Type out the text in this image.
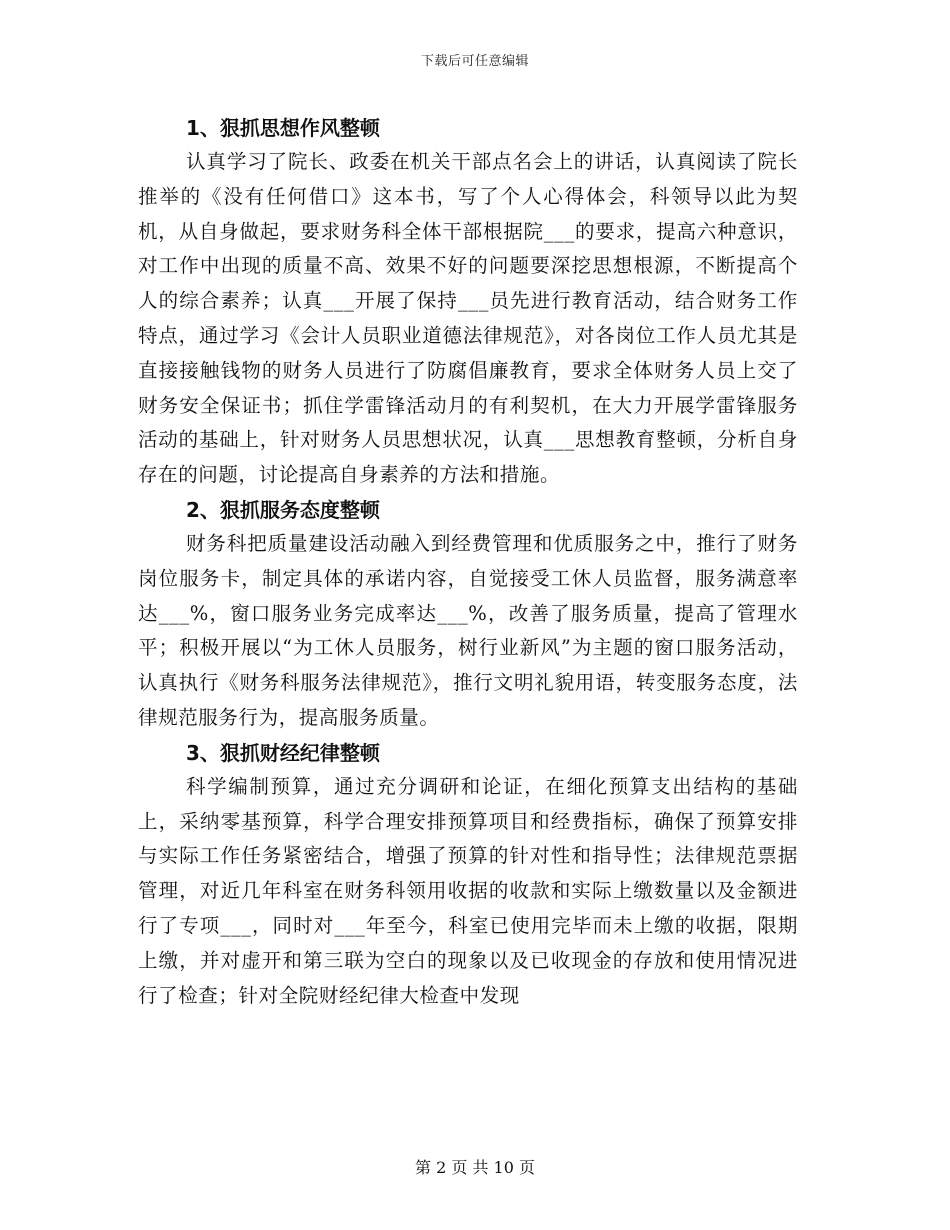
下载后可任意编辑

1、狠抓思想作风整顿

认真学习了院长、政委在机关干部点名会上的讲话，认真阅读了院长推举的《没有任何借口》这本书，写了个人心得体会，科领导以此为契机，从自身做起，要求财务科全体干部根据院___的要求，提高六种意识，对工作中出现的质量不高、效果不好的问题要深挖思想根源，不断提高个人的综合素养；认真___开展了保持___员先进行教育活动，结合财务工作特点，通过学习《会计人员职业道德法律规范》，对各岗位工作人员尤其是直接接触钱物的财务人员进行了防腐倡廉教育，要求全体财务人员上交了财务安全保证书；抓住学雷锋活动月的有利契机，在大力开展学雷锋服务活动的基础上，针对财务人员思想状况，认真___思想教育整顿，分析自身存在的问题，讨论提高自身素养的方法和措施。

2、狠抓服务态度整顿

财务科把质量建设活动融入到经费管理和优质服务之中，推行了财务岗位服务卡，制定具体的承诺内容，自觉接受工休人员监督，服务满意率达___%，窗口服务业务完成率达___%，改善了服务质量，提高了管理水平；积极开展以“为工休人员服务，树行业新风”为主题的窗口服务活动，认真执行《财务科服务法律规范》，推行文明礼貌用语，转变服务态度，法律规范服务行为，提高服务质量。

3、狠抓财经纪律整顿

科学编制预算，通过充分调研和论证，在细化预算支出结构的基础上，采纳零基预算，科学合理安排预算项目和经费指标，确保了预算安排与实际工作任务紧密结合，增强了预算的针对性和指导性；法律规范票据管理，对近几年科室在财务科领用收据的收款和实际上缴数量以及金额进行了专项___，同时对___年至今，科室已使用完毕而未上缴的收据，限期上缴，并对虚开和第三联为空白的现象以及已收现金的存放和使用情况进行了检查；针对全院财经纪律大检查中发现

第 2 页 共 10 页
